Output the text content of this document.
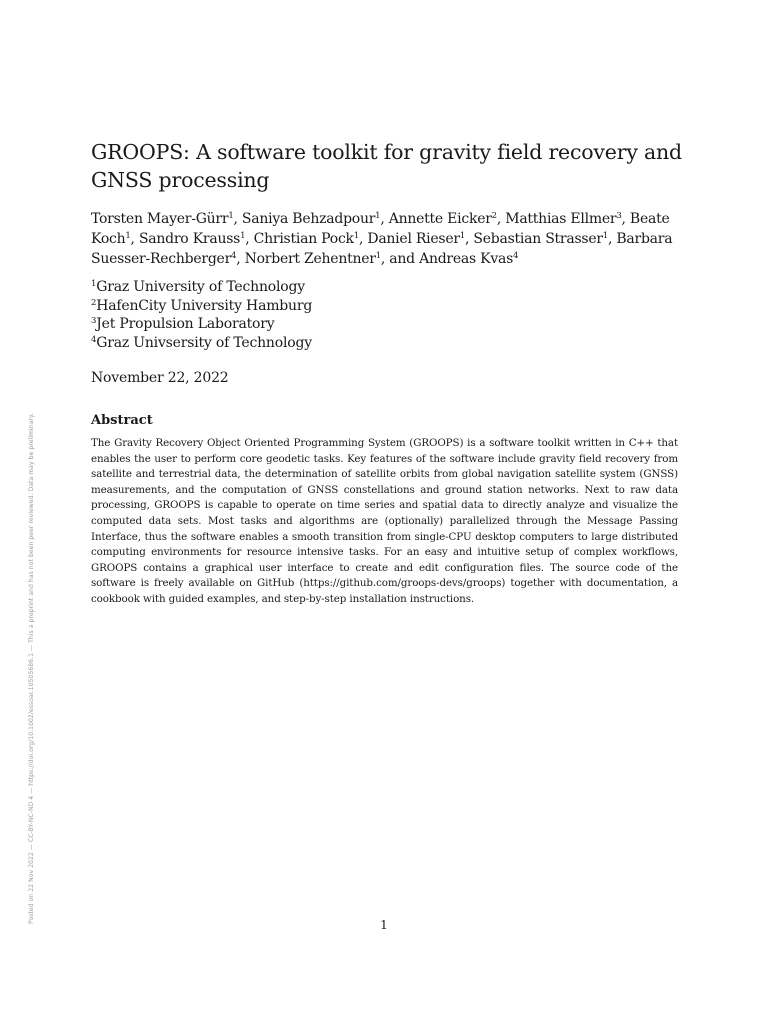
GROOPS: A software toolkit for gravity field recovery and GNSS processing
Torsten Mayer-Gürr$^1$, Saniya Behzadpour$^1$, Annette Eicker$^2$, Matthias Ellmer$^3$, Beate Koch$^1$, Sandro Krauss$^1$, Christian Pock$^1$, Daniel Rieser$^1$, Sebastian Strasser$^1$, Barbara Suesser-Rechberger$^4$, Norbert Zehentner$^1$, and Andreas Kvas$^4$
$^1$Graz University of Technology
$^2$HafenCity University Hamburg
$^3$Jet Propulsion Laboratory
$^4$Graz Univsersity of Technology
November 22, 2022
Abstract
The Gravity Recovery Object Oriented Programming System (GROOPS) is a software toolkit written in C++ that enables the user to perform core geodetic tasks. Key features of the software include gravity field recovery from satellite and terrestrial data, the determination of satellite orbits from global navigation satellite system (GNSS) measurements, and the computation of GNSS constellations and ground station networks. Next to raw data processing, GROOPS is capable to operate on time series and spatial data to directly analyze and visualize the computed data sets. Most tasks and algorithms are (optionally) parallelized through the Message Passing Interface, thus the software enables a smooth transition from single-CPU desktop computers to large distributed computing environments for resource intensive tasks. For an easy and intuitive setup of complex workflows, GROOPS contains a graphical user interface to create and edit configuration files. The source code of the software is freely available on GitHub (https://github.com/groops-devs/groops) together with documentation, a cookbook with guided examples, and step-by-step installation instructions.
Posted on 22 Nov 2022 — CC-BY-NC-ND 4 — https://doi.org/10.1002/essoar.10505686.1 — This a preprint and has not been peer reviewed. Data may be preliminary.
1
